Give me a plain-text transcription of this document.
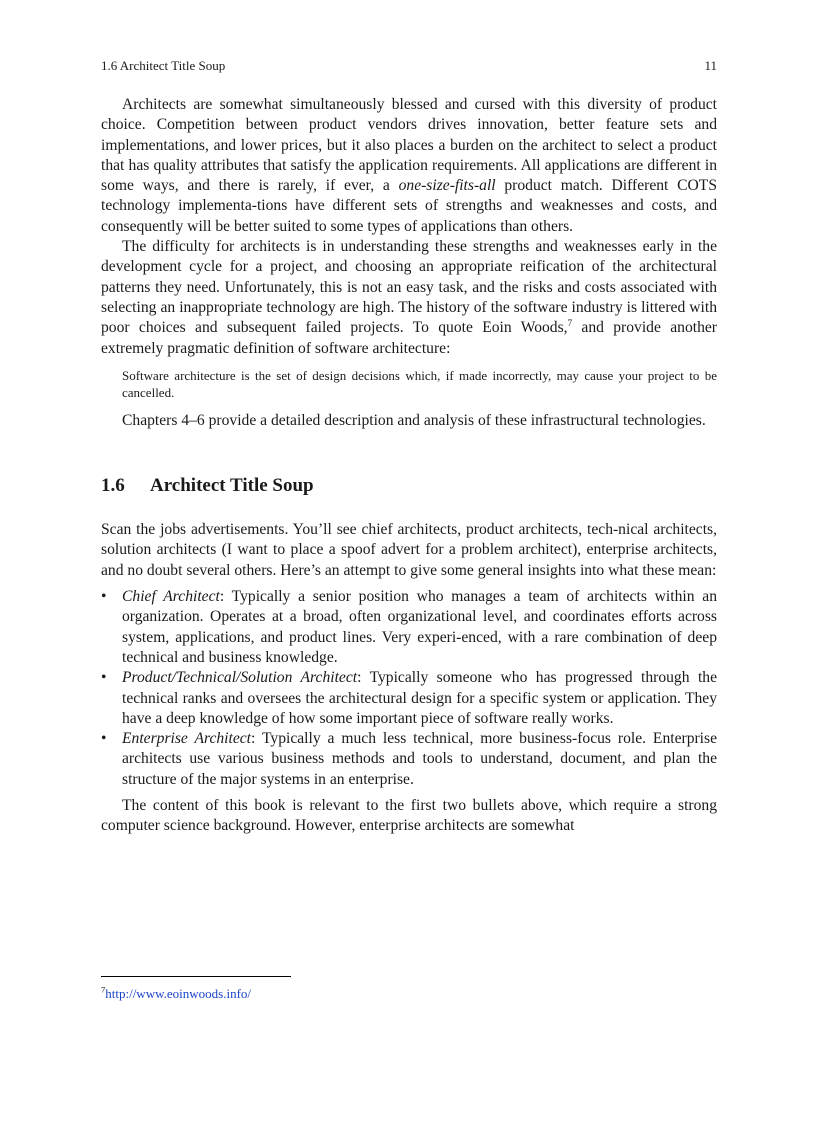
1.6 Architect Title Soup	11

Architects are somewhat simultaneously blessed and cursed with this diversity of product choice. Competition between product vendors drives innovation, better feature sets and implementations, and lower prices, but it also places a burden on the architect to select a product that has quality attributes that satisfy the application requirements. All applications are different in some ways, and there is rarely, if ever, a one-size-fits-all product match. Different COTS technology implementa-tions have different sets of strengths and weaknesses and costs, and consequently will be better suited to some types of applications than others.

The difficulty for architects is in understanding these strengths and weaknesses early in the development cycle for a project, and choosing an appropriate reification of the architectural patterns they need. Unfortunately, this is not an easy task, and the risks and costs associated with selecting an inappropriate technology are high. The history of the software industry is littered with poor choices and subsequent failed projects. To quote Eoin Woods,$^7$ and provide another extremely pragmatic definition of software architecture:

Software architecture is the set of design decisions which, if made incorrectly, may cause your project to be cancelled.

Chapters 4–6 provide a detailed description and analysis of these infrastructural technologies.

1.6 Architect Title Soup

Scan the jobs advertisements. You’ll see chief architects, product architects, tech-nical architects, solution architects (I want to place a spoof advert for a problem architect), enterprise architects, and no doubt several others. Here’s an attempt to give some general insights into what these mean:

• Chief Architect: Typically a senior position who manages a team of architects within an organization. Operates at a broad, often organizational level, and coordinates efforts across system, applications, and product lines. Very experi-enced, with a rare combination of deep technical and business knowledge.
• Product/Technical/Solution Architect: Typically someone who has progressed through the technical ranks and oversees the architectural design for a specific system or application. They have a deep knowledge of how some important piece of software really works.
• Enterprise Architect: Typically a much less technical, more business-focus role. Enterprise architects use various business methods and tools to understand, document, and plan the structure of the major systems in an enterprise.

The content of this book is relevant to the first two bullets above, which require a strong computer science background. However, enterprise architects are somewhat

$^7$http://www.eoinwoods.info/
